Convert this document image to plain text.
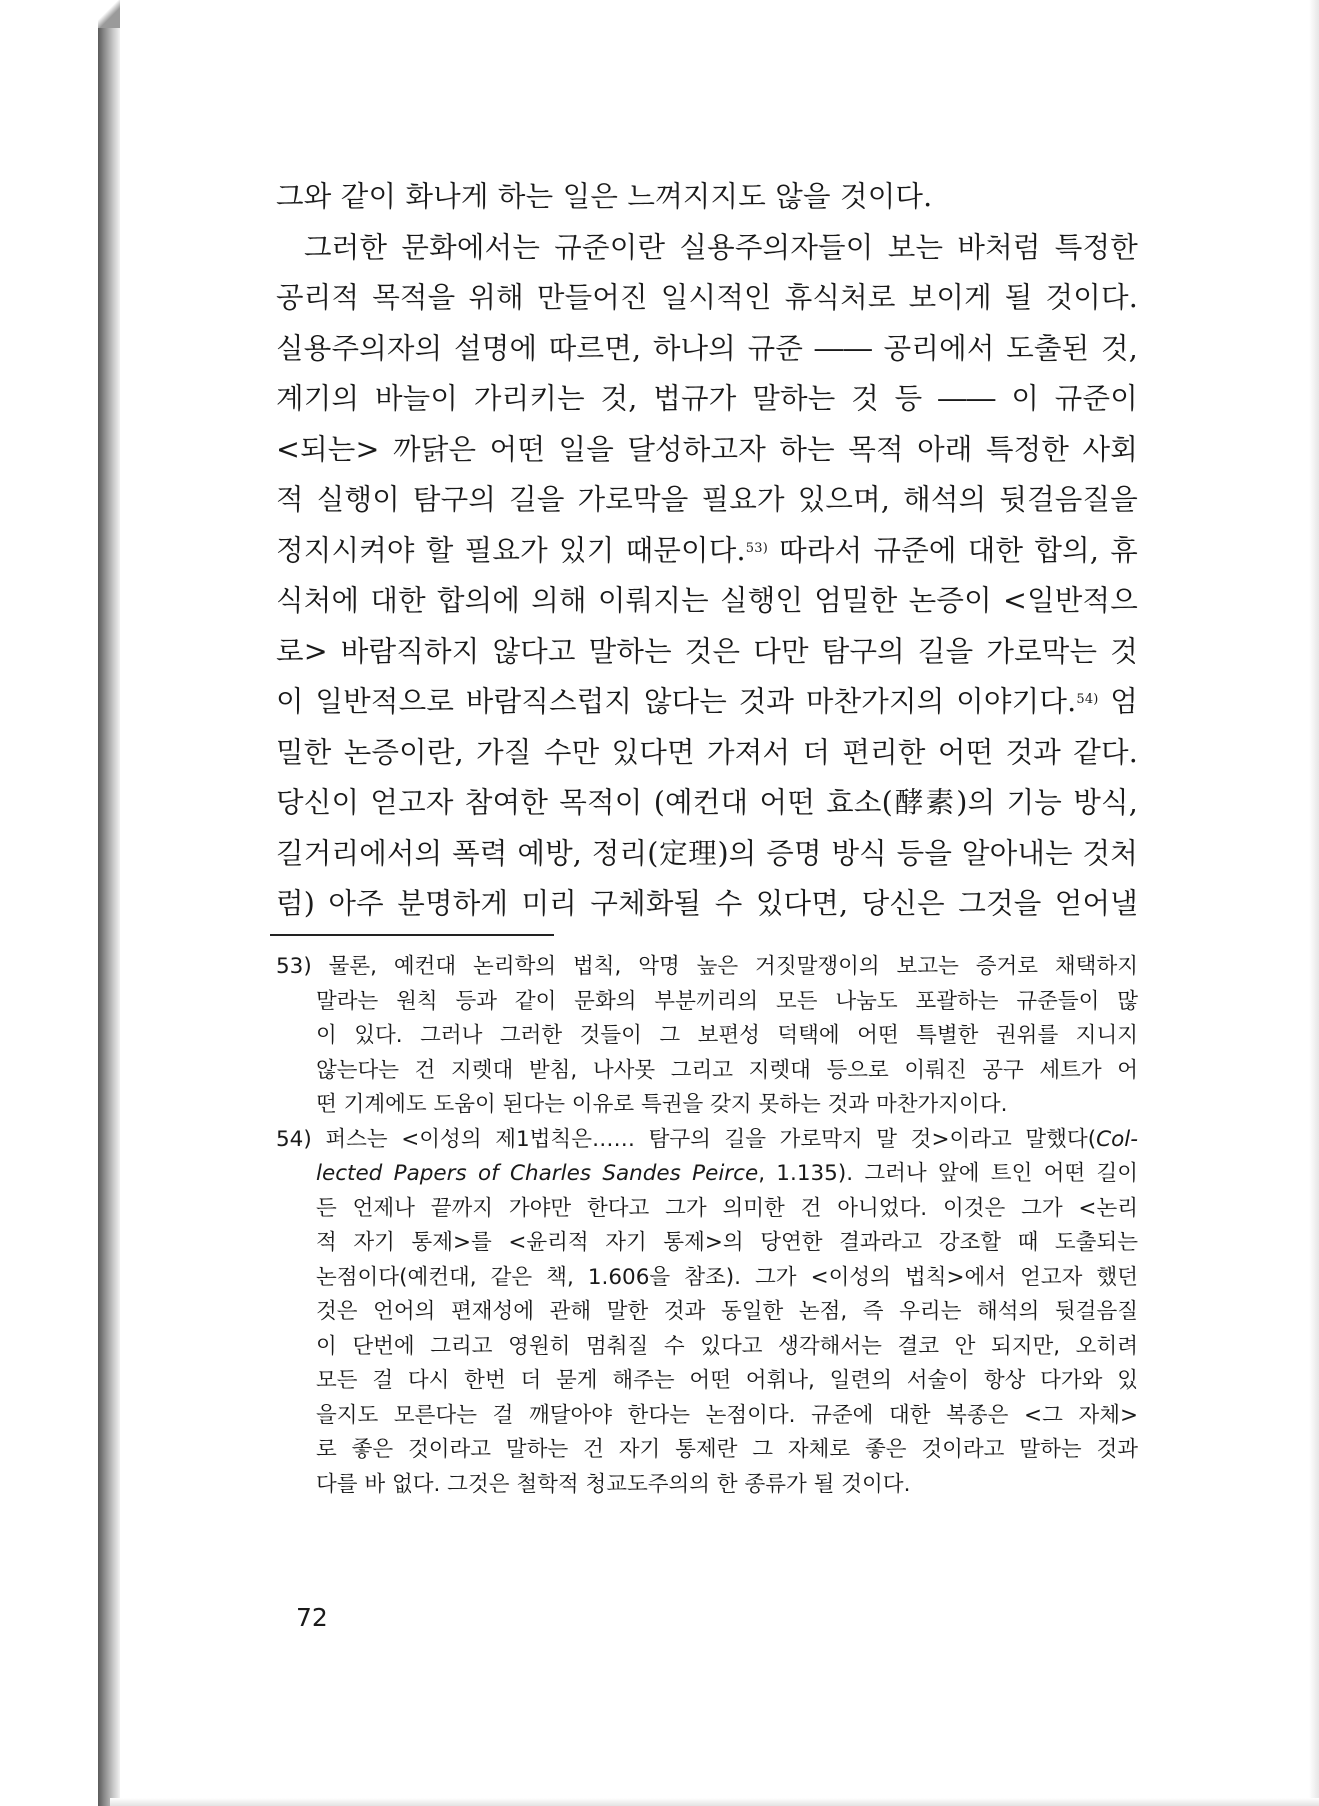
그와 같이 화나게 하는 일은 느껴지지도 않을 것이다.
그러한 문화에서는 규준이란 실용주의자들이 보는 바처럼 특정한
공리적 목적을 위해 만들어진 일시적인 휴식처로 보이게 될 것이다.
실용주의자의 설명에 따르면, 하나의 규준 ―― 공리에서 도출된 것,
계기의 바늘이 가리키는 것, 법규가 말하는 것 등 ―― 이 규준이
<되는> 까닭은 어떤 일을 달성하고자 하는 목적 아래 특정한 사회
적 실행이 탐구의 길을 가로막을 필요가 있으며, 해석의 뒷걸음질을
정지시켜야 할 필요가 있기 때문이다.$^{53)}$ 따라서 규준에 대한 합의, 휴
식처에 대한 합의에 의해 이뤄지는 실행인 엄밀한 논증이 <일반적으
로> 바람직하지 않다고 말하는 것은 다만 탐구의 길을 가로막는 것
이 일반적으로 바람직스럽지 않다는 것과 마찬가지의 이야기다.$^{54)}$ 엄
밀한 논증이란, 가질 수만 있다면 가져서 더 편리한 어떤 것과 같다.
당신이 얻고자 참여한 목적이 (예컨대 어떤 효소(酵素)의 기능 방식,
길거리에서의 폭력 예방, 정리(定理)의 증명 방식 등을 알아내는 것처
럼) 아주 분명하게 미리 구체화될 수 있다면, 당신은 그것을 얻어낼
53) 물론, 예컨대 논리학의 법칙, 악명 높은 거짓말쟁이의 보고는 증거로 채택하지
말라는 원칙 등과 같이 문화의 부분끼리의 모든 나눔도 포괄하는 규준들이 많
이 있다. 그러나 그러한 것들이 그 보편성 덕택에 어떤 특별한 권위를 지니지
않는다는 건 지렛대 받침, 나사못 그리고 지렛대 등으로 이뤄진 공구 세트가 어
떤 기계에도 도움이 된다는 이유로 특권을 갖지 못하는 것과 마찬가지이다.
54) 퍼스는 <이성의 제1법칙은…… 탐구의 길을 가로막지 말 것>이라고 말했다(Col-
lected Papers of Charles Sandes Peirce, 1.135). 그러나 앞에 트인 어떤 길이
든 언제나 끝까지 가야만 한다고 그가 의미한 건 아니었다. 이것은 그가 <논리
적 자기 통제>를 <윤리적 자기 통제>의 당연한 결과라고 강조할 때 도출되는
논점이다(예컨대, 같은 책, 1.606을 참조). 그가 <이성의 법칙>에서 얻고자 했던
것은 언어의 편재성에 관해 말한 것과 동일한 논점, 즉 우리는 해석의 뒷걸음질
이 단번에 그리고 영원히 멈춰질 수 있다고 생각해서는 결코 안 되지만, 오히려
모든 걸 다시 한번 더 묻게 해주는 어떤 어휘나, 일련의 서술이 항상 다가와 있
을지도 모른다는 걸 깨달아야 한다는 논점이다. 규준에 대한 복종은 <그 자체>
로 좋은 것이라고 말하는 건 자기 통제란 그 자체로 좋은 것이라고 말하는 것과
다를 바 없다. 그것은 철학적 청교도주의의 한 종류가 될 것이다.
72
